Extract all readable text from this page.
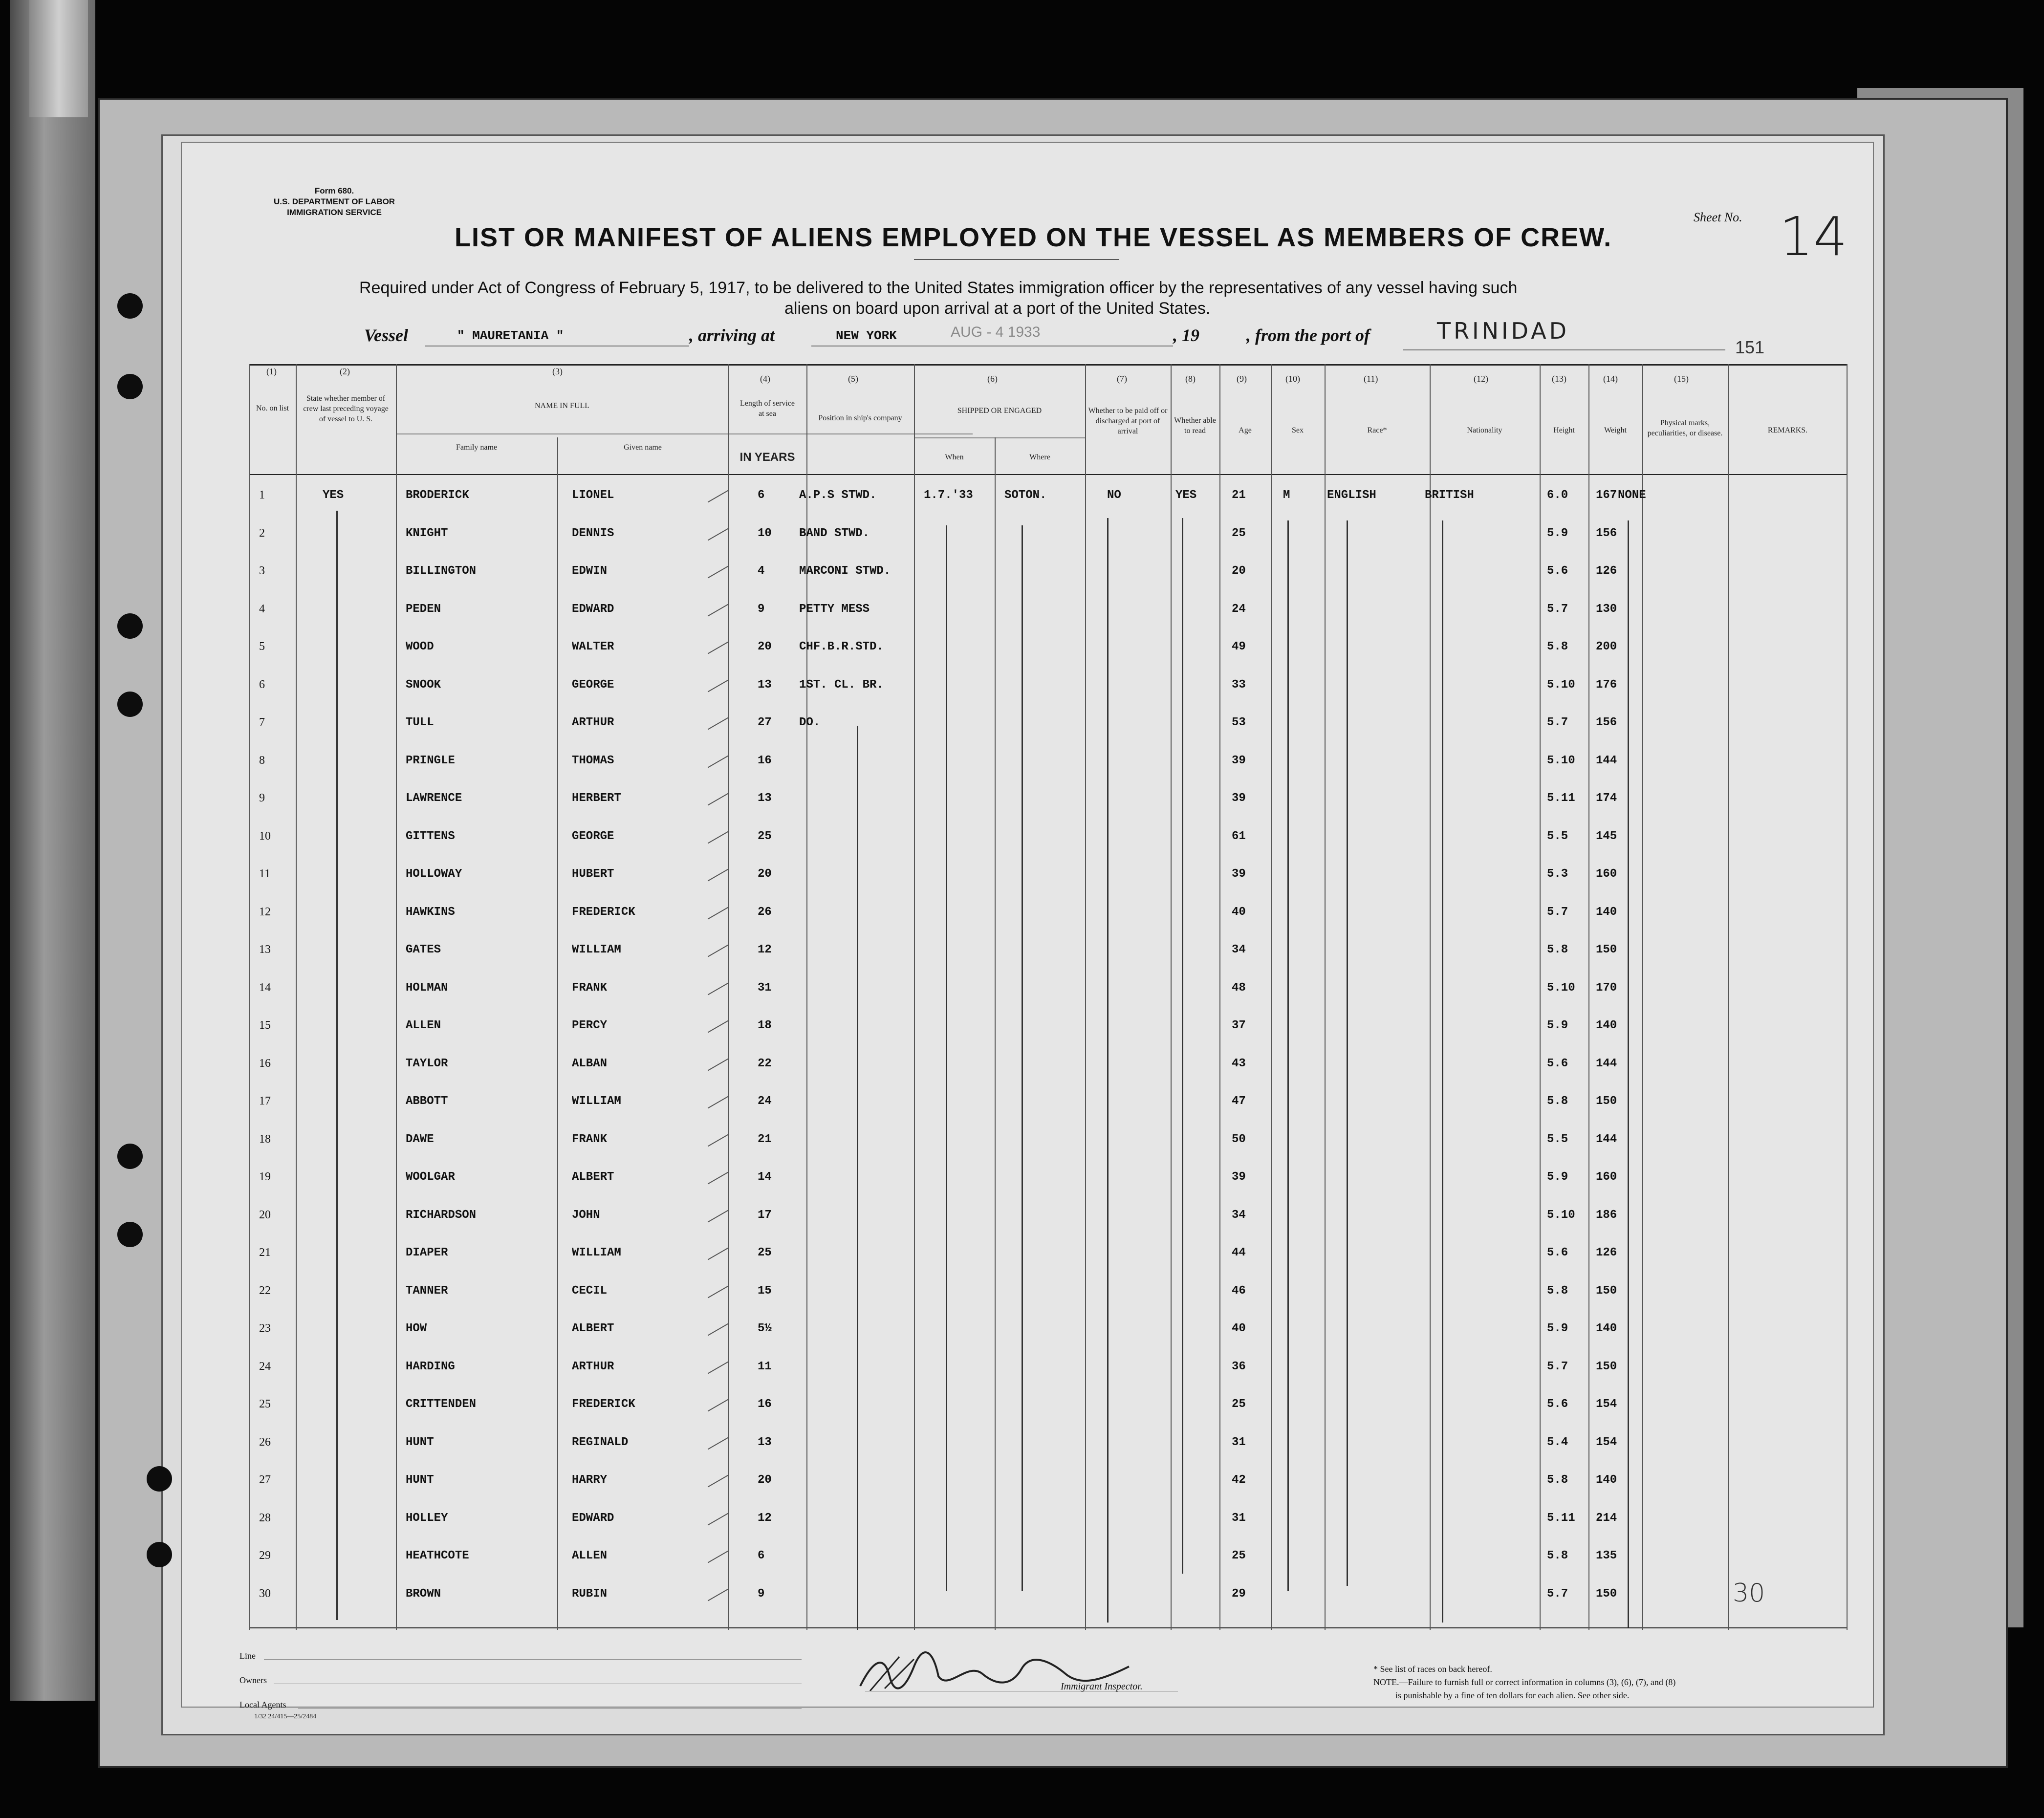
Form 680.
U.S. DEPARTMENT OF LABOR
IMMIGRATION SERVICE
LIST OR MANIFEST OF ALIENS EMPLOYED ON THE VESSEL AS MEMBERS OF CREW.
Sheet No. 14
Required under Act of Congress of February 5, 1917, to be delivered to the United States immigration officer by the representatives of any vessel having such
aliens on board upon arrival at a port of the United States.
Vessel	" MAURETANIA "	, arriving at	NEW YORK	AUG - 4 1933	, 19	, from the port of	TRINIDAD
151
(1)	(2)	(3)
(4)	(5)	(6)	(7)	(8)	(9)	(10)	(11)	(12)	(13)	(14)	(15)
No. on list
State whether member of crew last preceding voyage of vessel to U. S.
NAME IN FULL
Family name	Given name
Length of service at sea
IN YEARS
Position in ship's company
SHIPPED OR ENGAGED
When	Where
Whether to be paid off or discharged at port of arrival
Whether able to read	Age	Sex	Race*	Nationality	Height	Weight
Physical marks, peculiarities, or disease.	REMARKS.
1	YES	BRODERICK	LIONEL	6	A.P.S STWD.	1.7.'33	SOTON.	NO	YES	21	M	ENGLISH	BRITISH	6.0 167 NONE
2	KNIGHT	DENNIS	10 BAND STWD.	25	5.9 156
3	BILLINGTON	EDWIN	4	MARCONI STWD.	20	5.6 126
4	PEDEN	EDWARD	9	PETTY MESS	24	5.7 130
5	WOOD	WALTER	20 CHF.B.R.STD.	49	5.8 200
6	SNOOK	GEORGE	13 1ST. CL. BR.	33	5.10 176
7	TULL	ARTHUR	27 DO.	53	5.7 156
8	PRINGLE	THOMAS	16	39	5.10 144
9	LAWRENCE	HERBERT	13	39	5.11 174
10	GITTENS	GEORGE	25	61	5.5 145
11	HOLLOWAY	HUBERT	20	39	5.3 160
12	HAWKINS	FREDERICK	26	40	5.7 140
13	GATES	WILLIAM	12	34	5.8 150
14	HOLMAN	FRANK	31	48	5.10 170
15	ALLEN	PERCY	18	37	5.9 140
16	TAYLOR	ALBAN	22	43	5.6 144
17	ABBOTT	WILLIAM	24	47	5.8 150
18	DAWE	FRANK	21	50	5.5 144
19	WOOLGAR	ALBERT	14	39	5.9 160
20	RICHARDSON	JOHN	17	34	5.10 186
21	DIAPER	WILLIAM	25	44	5.6 126
22	TANNER	CECIL	15	46	5.8 150
23	HOW	ALBERT	5½	40	5.9 140
24	HARDING	ARTHUR	11	36	5.7 150
25	CRITTENDEN	FREDERICK	16	25	5.6 154
26	HUNT	REGINALD	13	31	5.4 154
27	HUNT	HARRY	20	42	5.8 140
28	HOLLEY	EDWARD	12	31	5.11 214
29	HEATHCOTE	ALLEN	6	25	5.8 135
30	BROWN	RUBIN	9	29	5.7 150	30
Line
Owners
Local Agents
1/32 24/415—25/2484
Immigrant Inspector.
* See list of races on back hereof.
NOTE.—Failure to furnish full or correct information in columns (3), (6), (7), and (8)
is punishable by a fine of ten dollars for each alien. See other side.
